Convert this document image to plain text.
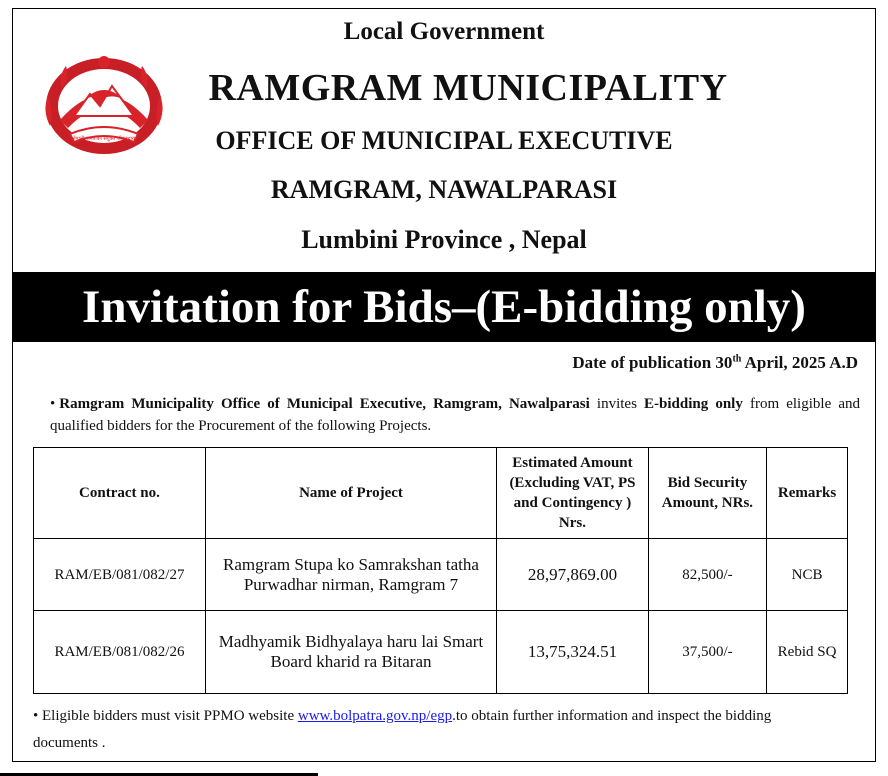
नेपाली जनताको संयुक्त जीवनधारा
Local Government
RAMGRAM MUNICIPALITY
OFFICE OF MUNICIPAL EXECUTIVE
RAMGRAM, NAWALPARASI
Lumbini Province , Nepal
Invitation for Bids–(E-bidding only)
Date of publication 30th April, 2025 A.D
• Ramgram Municipality Office of Municipal Executive, Ramgram, Nawalparasi invites E-bidding only from eligible and qualified bidders for the Procurement of the following Projects.
Contract no.	Name of Project	Estimated Amount (Excluding VAT, PS and Contingency ) Nrs.	Bid Security Amount, NRs.	Remarks
RAM/EB/081/082/27	Ramgram Stupa ko Samrakshan tatha Purwadhar nirman, Ramgram 7	28,97,869.00	82,500/-	NCB
RAM/EB/081/082/26	Madhyamik Bidhyalaya haru lai Smart Board kharid ra Bitaran	13,75,324.51	37,500/-	Rebid SQ
• Eligible bidders must visit PPMO website www.bolpatra.gov.np/egp.to obtain further information and inspect the bidding documents .
